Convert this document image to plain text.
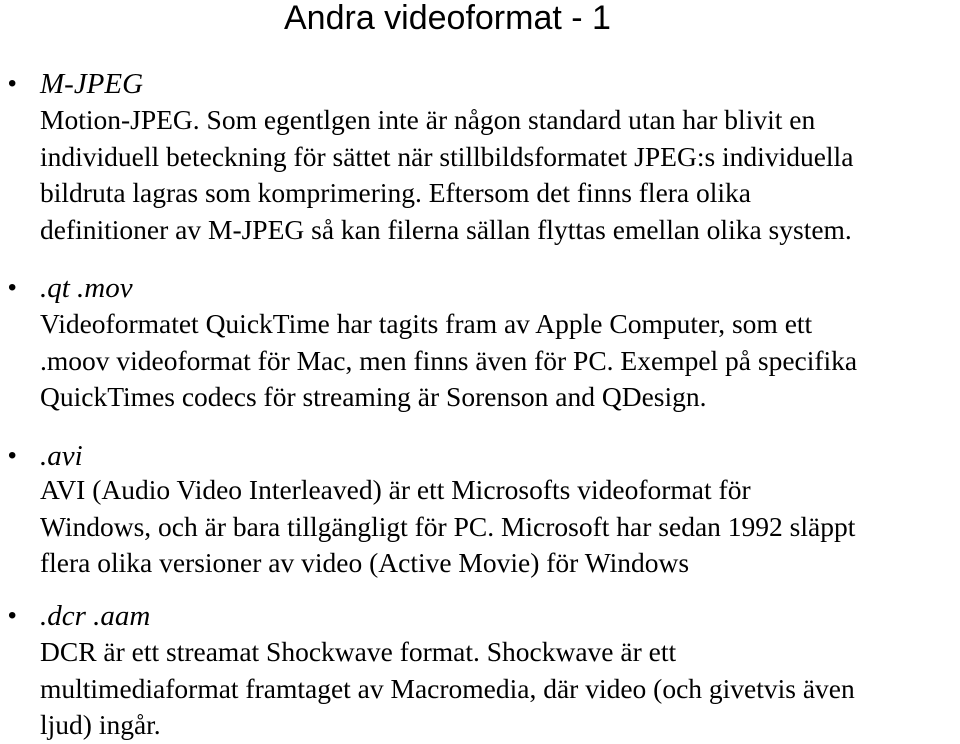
Andra videoformat - 1
• M-JPEG
Motion-JPEG. Som egentlgen inte är någon standard utan har blivit en
individuell beteckning för sättet när stillbildsformatet JPEG:s individuella
bildruta lagras som komprimering. Eftersom det finns flera olika
definitioner av M-JPEG så kan filerna sällan flyttas emellan olika system.
• .qt .mov
Videoformatet QuickTime har tagits fram av Apple Computer, som ett
.moov videoformat för Mac, men finns även för PC. Exempel på specifika
QuickTimes codecs för streaming är Sorenson and QDesign.
• .avi
AVI (Audio Video Interleaved) är ett Microsofts videoformat för
Windows, och är bara tillgängligt för PC. Microsoft har sedan 1992 släppt
flera olika versioner av video (Active Movie) för Windows
• .dcr .aam
DCR är ett streamat Shockwave format. Shockwave är ett
multimediaformat framtaget av Macromedia, där video (och givetvis även
ljud) ingår.
